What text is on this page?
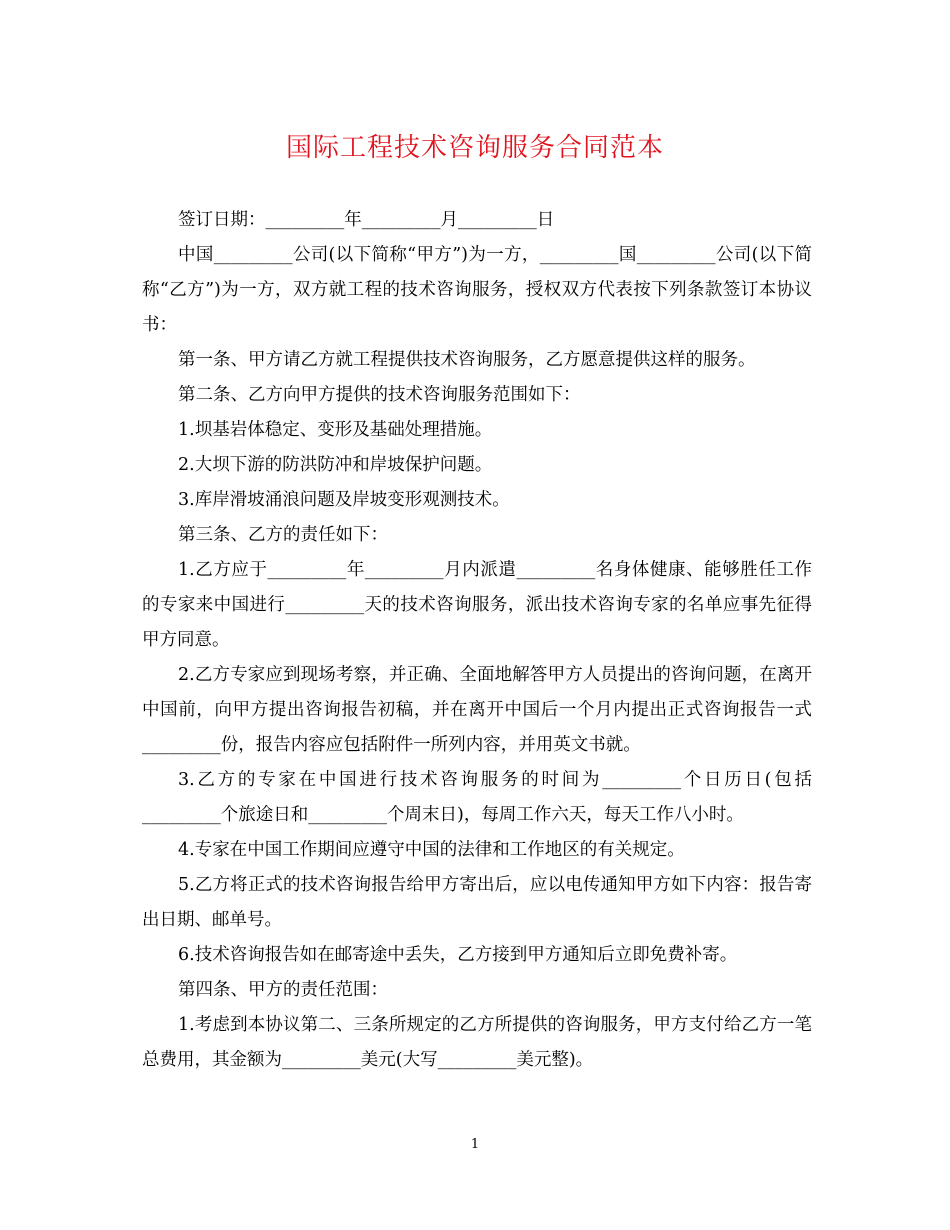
国际工程技术咨询服务合同范本

签订日期：_________年_________月_________日

中国_________公司(以下简称“甲方”)为一方，_________国_________公司(以下简称“乙方”)为一方，双方就工程的技术咨询服务，授权双方代表按下列条款签订本协议书：

第一条、甲方请乙方就工程提供技术咨询服务，乙方愿意提供这样的服务。

第二条、乙方向甲方提供的技术咨询服务范围如下：

1.坝基岩体稳定、变形及基础处理措施。

2.大坝下游的防洪防冲和岸坡保护问题。

3.库岸滑坡涌浪问题及岸坡变形观测技术。

第三条、乙方的责任如下：

1.乙方应于_________年_________月内派遣_________名身体健康、能够胜任工作的专家来中国进行_________天的技术咨询服务，派出技术咨询专家的名单应事先征得甲方同意。

2.乙方专家应到现场考察，并正确、全面地解答甲方人员提出的咨询问题，在离开中国前，向甲方提出咨询报告初稿，并在离开中国后一个月内提出正式咨询报告一式_________份，报告内容应包括附件一所列内容，并用英文书就。

3.乙方的专家在中国进行技术咨询服务的时间为_________个日历日(包括_________个旅途日和_________个周末日)，每周工作六天，每天工作八小时。

4.专家在中国工作期间应遵守中国的法律和工作地区的有关规定。

5.乙方将正式的技术咨询报告给甲方寄出后，应以电传通知甲方如下内容：报告寄出日期、邮单号。

6.技术咨询报告如在邮寄途中丢失，乙方接到甲方通知后立即免费补寄。

第四条、甲方的责任范围：

1.考虑到本协议第二、三条所规定的乙方所提供的咨询服务，甲方支付给乙方一笔总费用，其金额为_________美元(大写_________美元整)。

1
